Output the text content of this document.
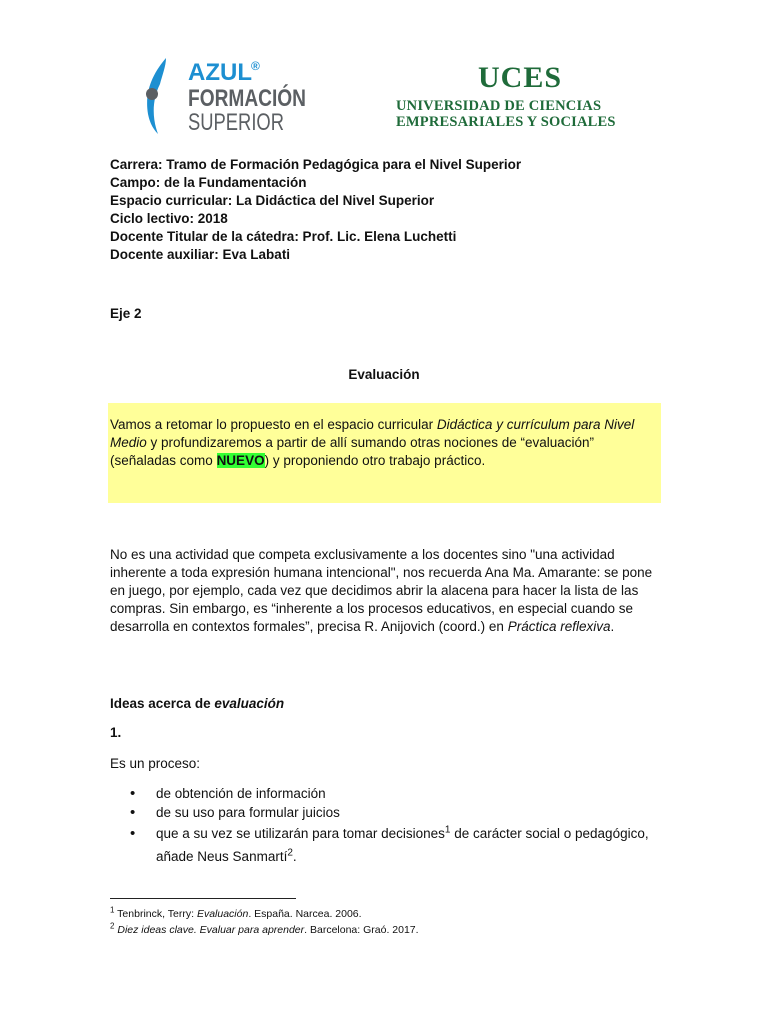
AZUL ®
FORMACIÓN
SUPERIOR
UCES
UNIVERSIDAD DE CIENCIAS
EMPRESARIALES Y SOCIALES
Carrera: Tramo de Formación Pedagógica para el Nivel Superior
Campo: de la Fundamentación
Espacio curricular: La Didáctica del Nivel Superior
Ciclo lectivo: 2018
Docente Titular de la cátedra: Prof. Lic. Elena Luchetti
Docente auxiliar: Eva Labati
Eje 2
Evaluación
Vamos a retomar lo propuesto en el espacio curricular Didáctica y currículum para Nivel Medio y profundizaremos a partir de allí sumando otras nociones de “evaluación” (señaladas como NUEVO) y proponiendo otro trabajo práctico.
No es una actividad que competa exclusivamente a los docentes sino "una actividad inherente a toda expresión humana intencional", nos recuerda Ana Ma. Amarante: se pone en juego, por ejemplo, cada vez que decidimos abrir la alacena para hacer la lista de las compras. Sin embargo, es “inherente a los procesos educativos, en especial cuando se desarrolla en contextos formales”, precisa R. Anijovich (coord.) en Práctica reflexiva.
Ideas acerca de evaluación
1.
Es un proceso:
• de obtención de información
• de su uso para formular juicios
• que a su vez se utilizarán para tomar decisiones$^1$ de carácter social o pedagógico, añade Neus Sanmartí$^2$.
$^1$ Tenbrinck, Terry: Evaluación. España. Narcea. 2006.
$^2$ Diez ideas clave. Evaluar para aprender. Barcelona: Graó. 2017.
